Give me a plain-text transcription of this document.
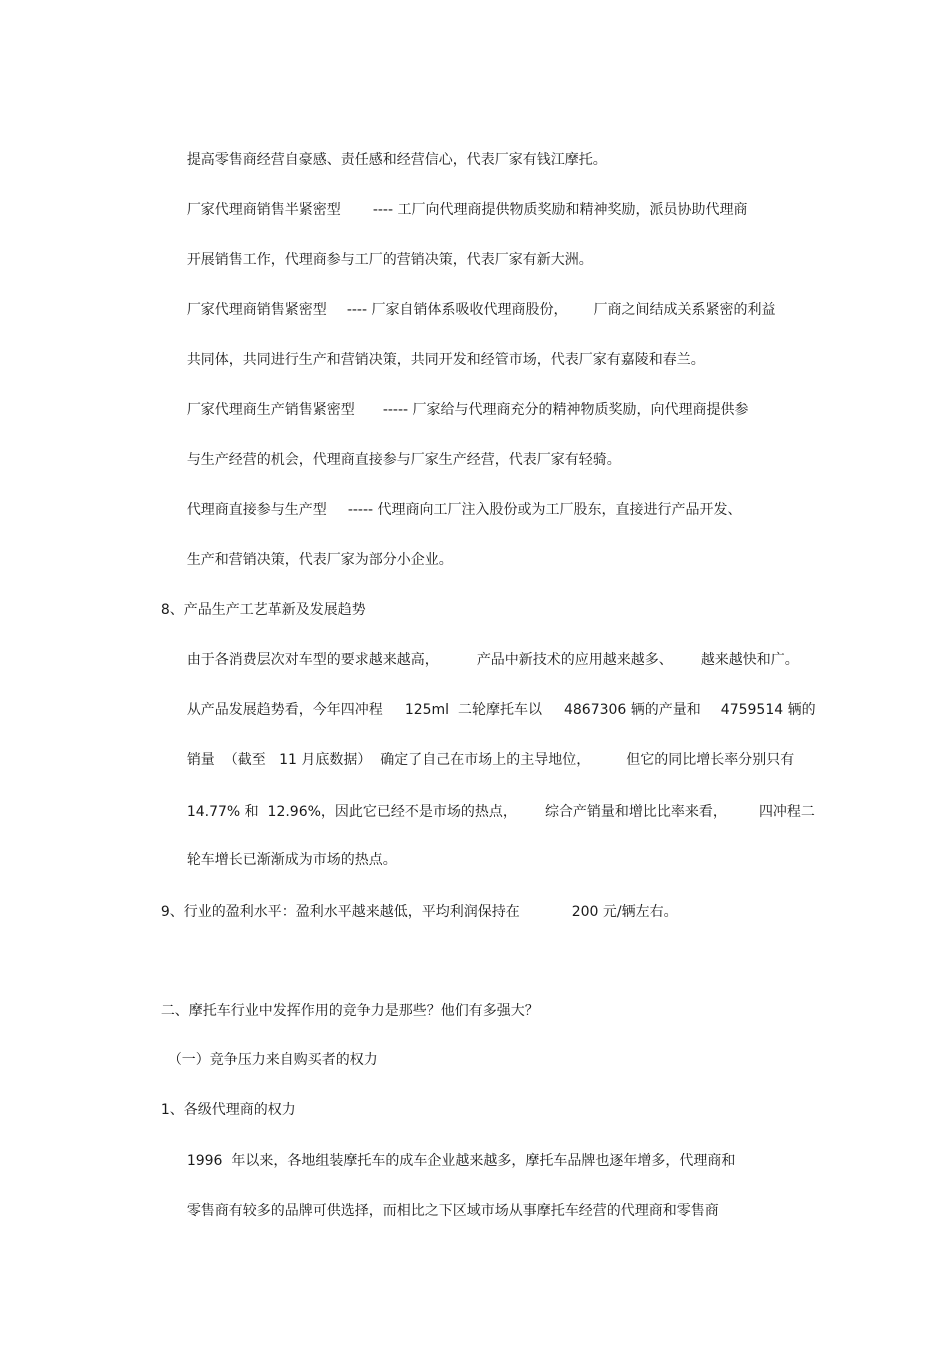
提高零售商经营自豪感、责任感和经营信心，代表厂家有钱江摩托。

厂家代理商销售半紧密型 ---- 工厂向代理商提供物质奖励和精神奖励，派员协助代理商

开展销售工作，代理商参与工厂的营销决策，代表厂家有新大洲。

厂家代理商销售紧密型 ---- 厂家自销体系吸收代理商股份， 厂商之间结成关系紧密的利益

共同体，共同进行生产和营销决策，共同开发和经管市场，代表厂家有嘉陵和春兰。

厂家代理商生产销售紧密型 ----- 厂家给与代理商充分的精神物质奖励，向代理商提供参

与生产经营的机会，代理商直接参与厂家生产经营，代表厂家有轻骑。

代理商直接参与生产型 ----- 代理商向工厂注入股份或为工厂股东，直接进行产品开发、

生产和营销决策，代表厂家为部分小企业。

8、产品生产工艺革新及发展趋势

由于各消费层次对车型的要求越来越高，	产品中新技术的应用越来越多、 越来越快和广。

从产品发展趋势看，今年四冲程 125ml  二轮摩托车以 4867306 辆的产量和 4759514 辆的

销量  （截至   11 月底数据）  确定了自己在市场上的主导地位，	但它的同比增长率分别只有

14.77% 和  12.96%，因此它已经不是市场的热点， 综合产销量和增比比率来看， 四冲程二

轮车增长已渐渐成为市场的热点。

9、行业的盈利水平：盈利水平越来越低，平均利润保持在	200 元/辆左右。

二、摩托车行业中发挥作用的竞争力是那些？他们有多强大？

（一）竞争压力来自购买者的权力

1、各级代理商的权力

1996  年以来，各地组装摩托车的成车企业越来越多，摩托车品牌也逐年增多，代理商和

零售商有较多的品牌可供选择，而相比之下区域市场从事摩托车经营的代理商和零售商
